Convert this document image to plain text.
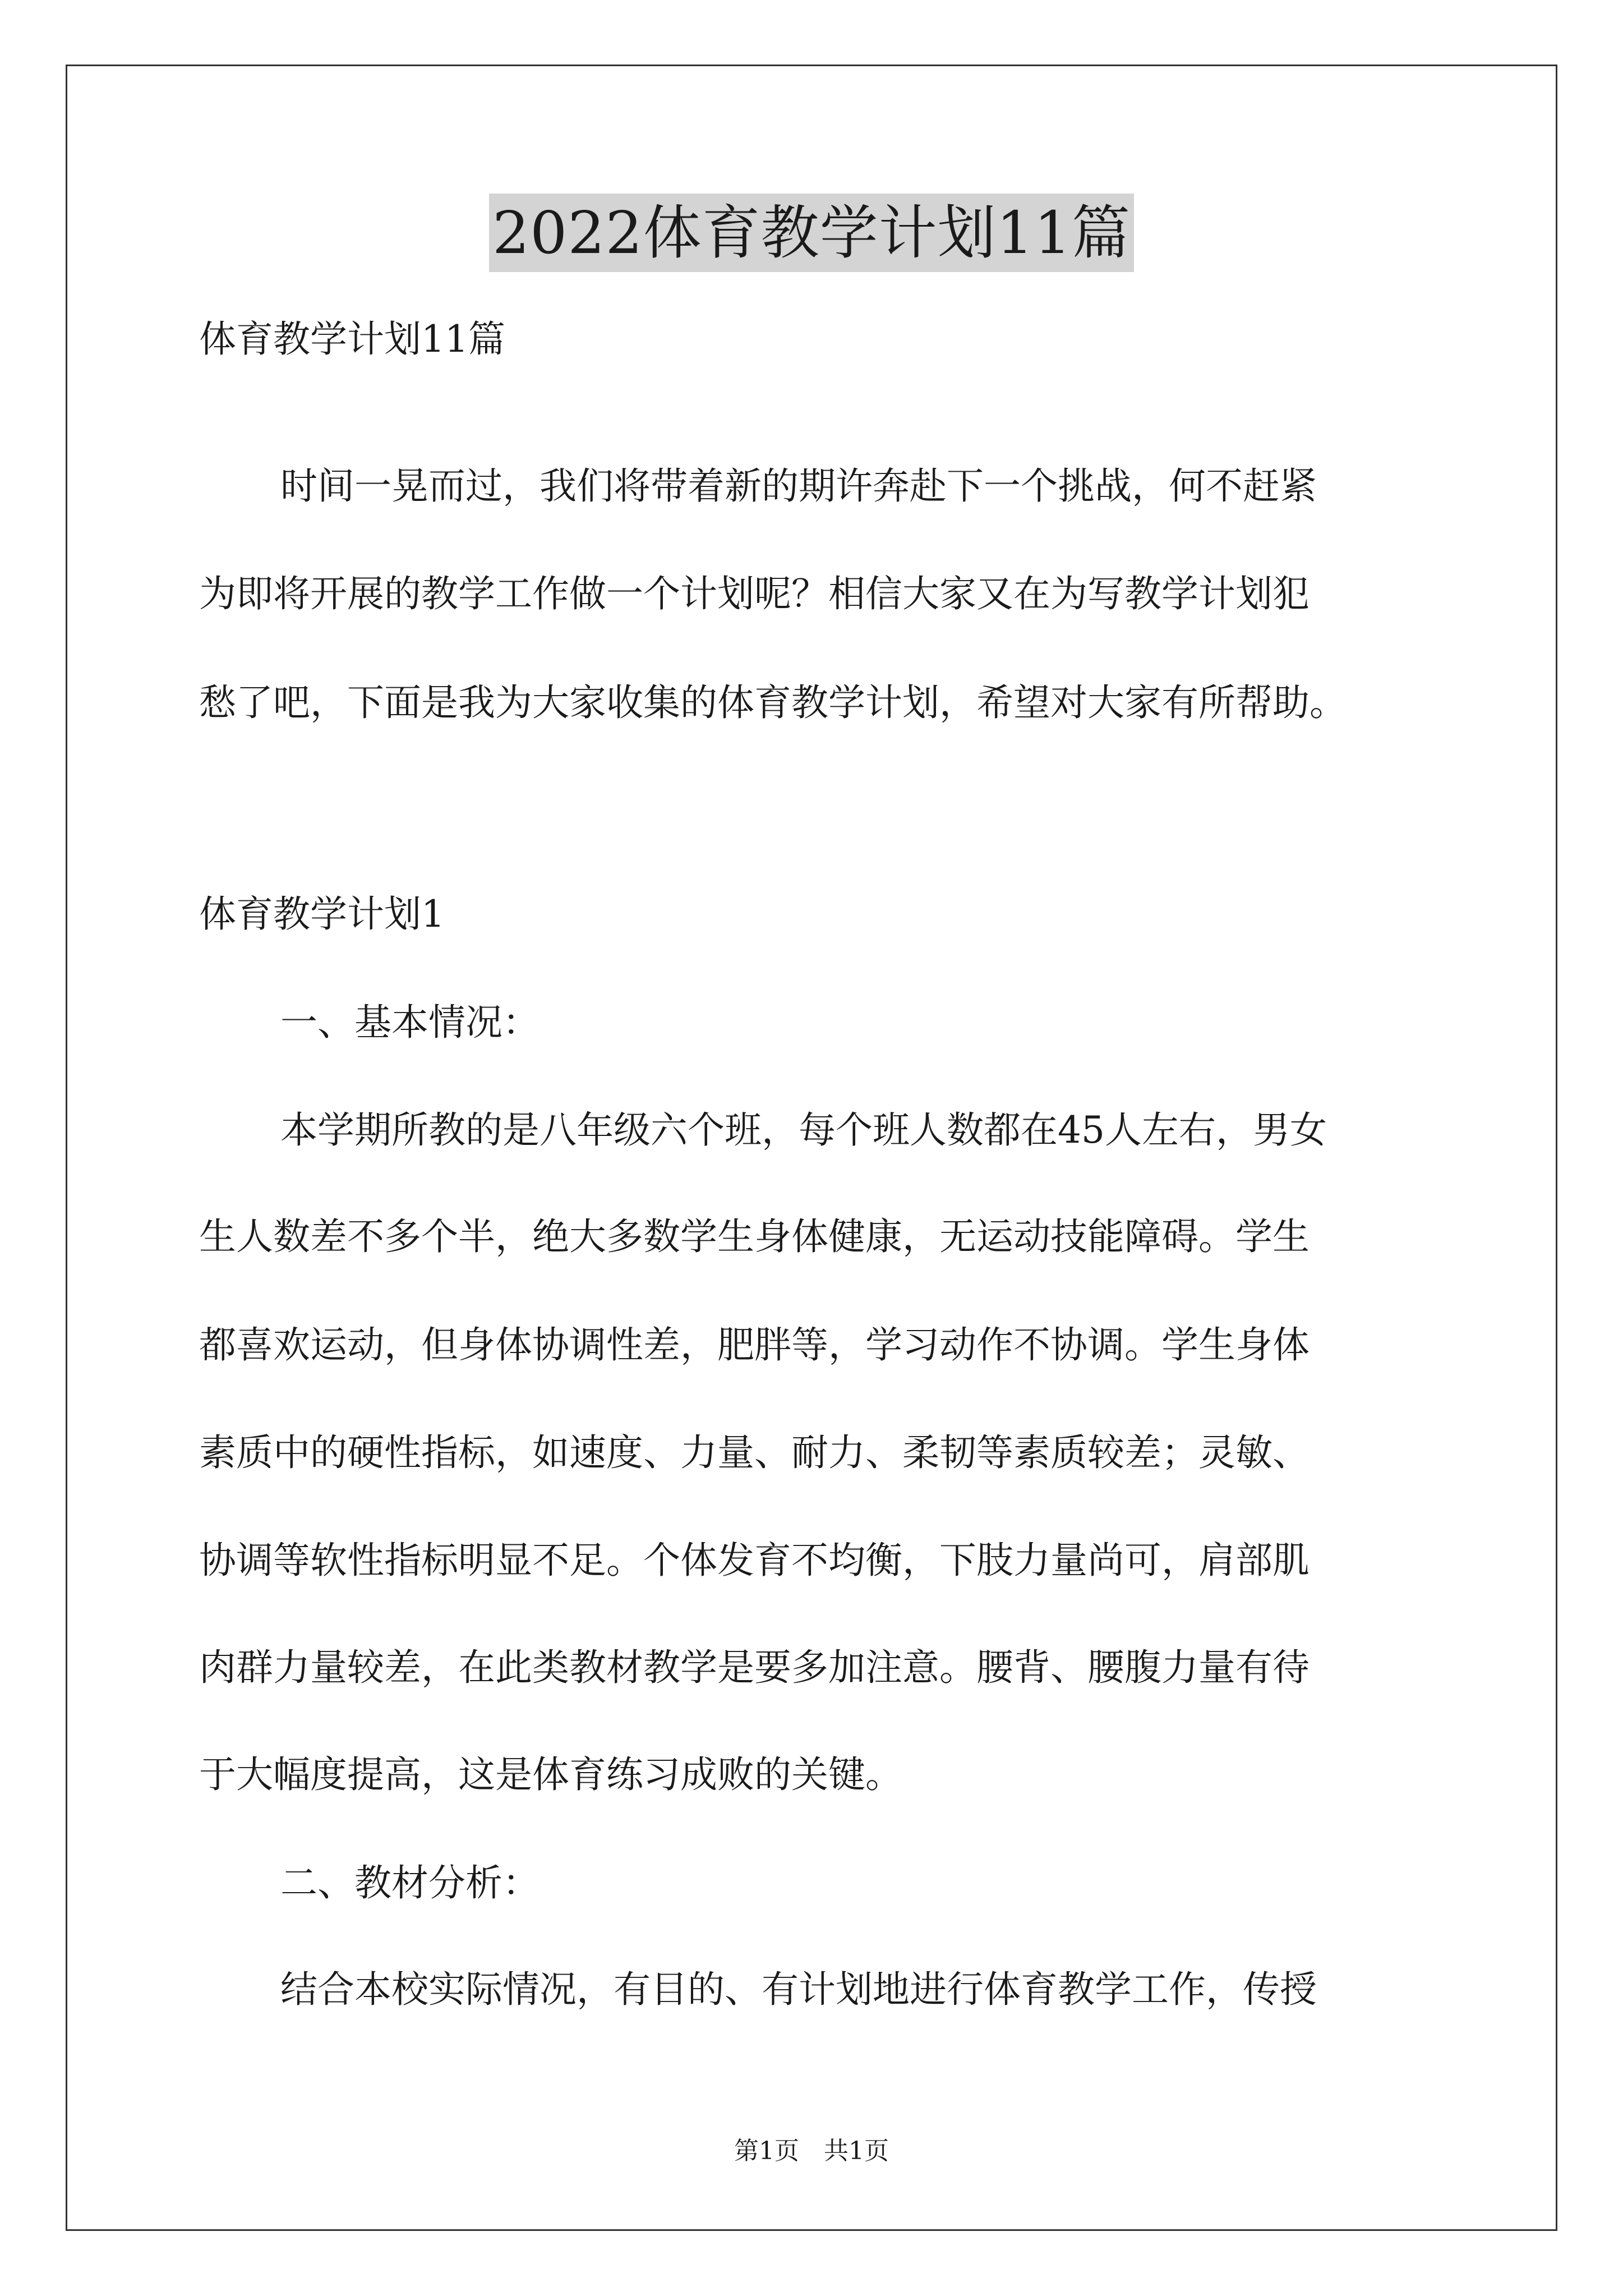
2022体育教学计划11篇
体育教学计划11篇
时间一晃而过，我们将带着新的期许奔赴下一个挑战，何不赶紧
为即将开展的教学工作做一个计划呢？相信大家又在为写教学计划犯
愁了吧，下面是我为大家收集的体育教学计划，希望对大家有所帮助。
体育教学计划1
一、基本情况：
本学期所教的是八年级六个班，每个班人数都在45人左右，男女
生人数差不多个半，绝大多数学生身体健康，无运动技能障碍。学生
都喜欢运动，但身体协调性差，肥胖等，学习动作不协调。学生身体
素质中的硬性指标，如速度、力量、耐力、柔韧等素质较差；灵敏、
协调等软性指标明显不足。个体发育不均衡，下肢力量尚可，肩部肌
肉群力量较差，在此类教材教学是要多加注意。腰背、腰腹力量有待
于大幅度提高，这是体育练习成败的关键。
二、教材分析：
结合本校实际情况，有目的、有计划地进行体育教学工作，传授
第1页 共1页
